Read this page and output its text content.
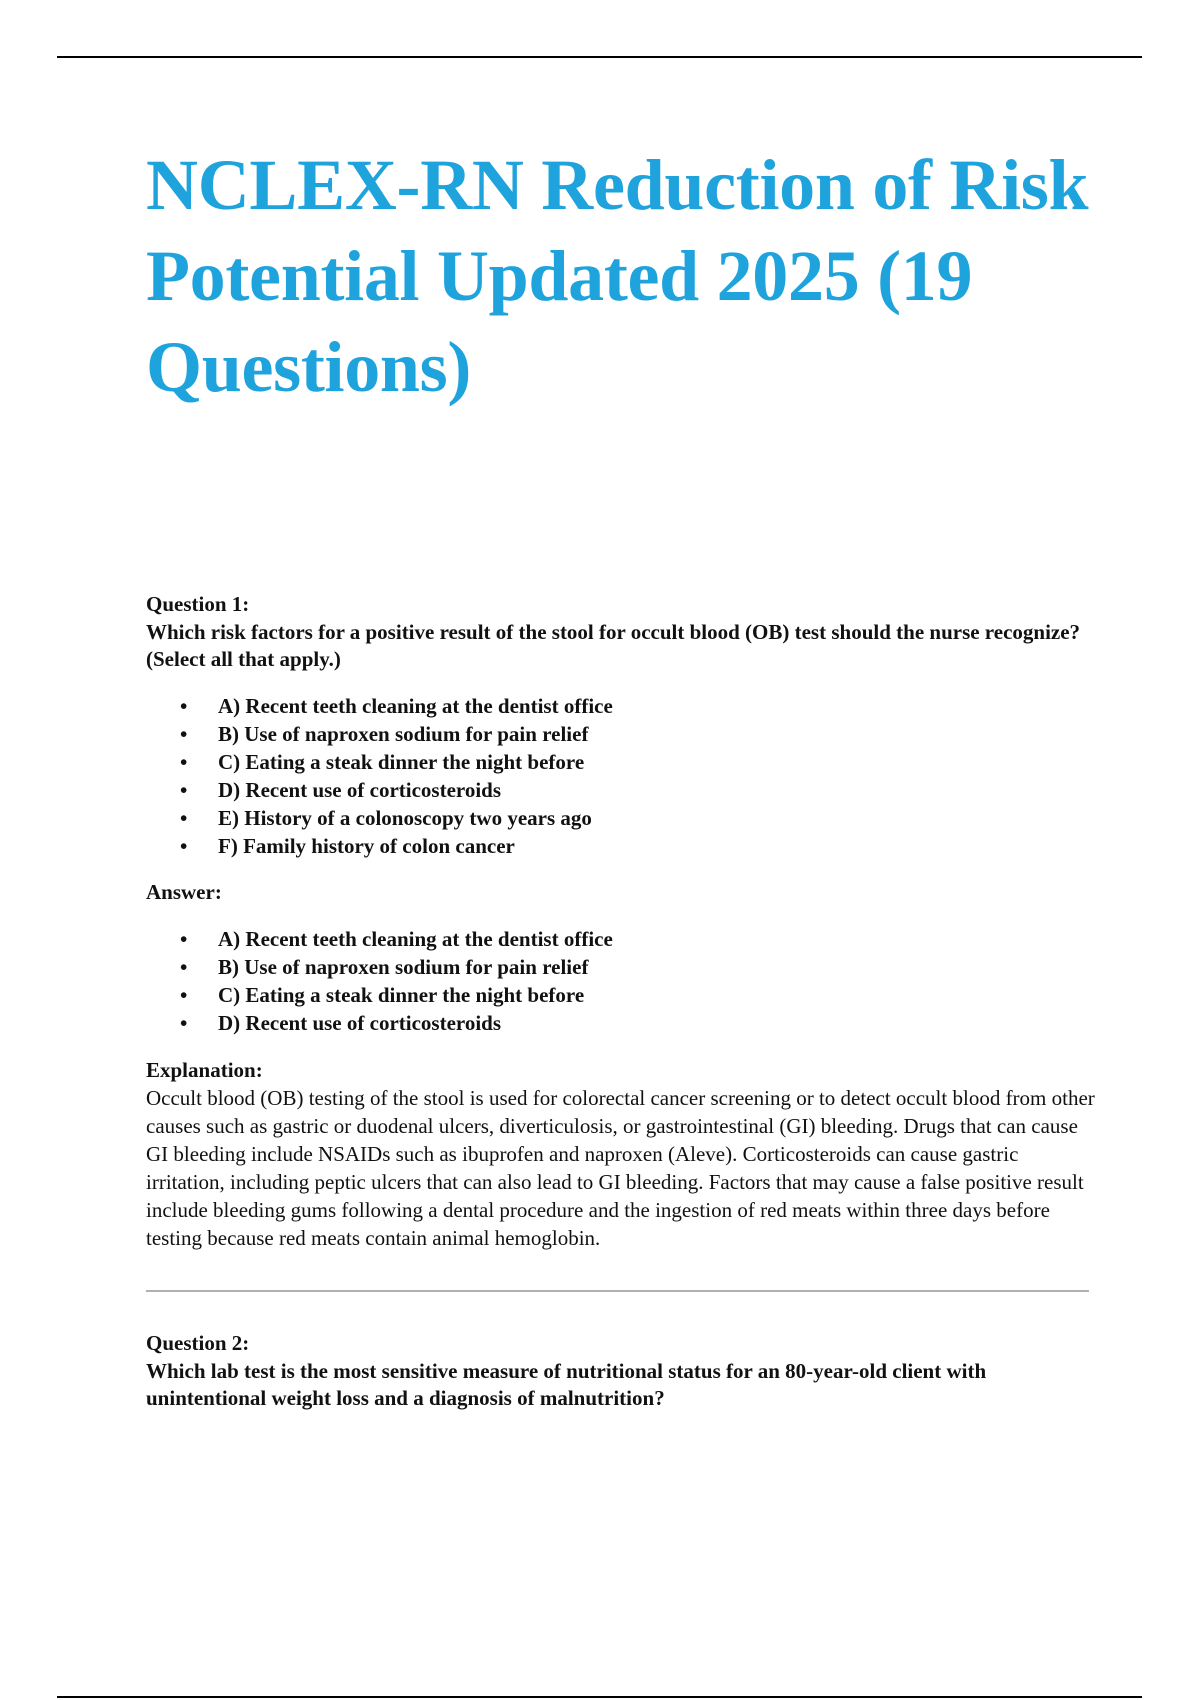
NCLEX-RN Reduction of Risk Potential Updated 2025 (19 Questions)

Question 1:

Which risk factors for a positive result of the stool for occult blood (OB) test should the nurse recognize? (Select all that apply.)

• A) Recent teeth cleaning at the dentist office
• B) Use of naproxen sodium for pain relief
• C) Eating a steak dinner the night before
• D) Recent use of corticosteroids
• E) History of a colonoscopy two years ago
• F) Family history of colon cancer

Answer:

• A) Recent teeth cleaning at the dentist office
• B) Use of naproxen sodium for pain relief
• C) Eating a steak dinner the night before
• D) Recent use of corticosteroids

Explanation:

Occult blood (OB) testing of the stool is used for colorectal cancer screening or to detect occult blood from other causes such as gastric or duodenal ulcers, diverticulosis, or gastrointestinal (GI) bleeding. Drugs that can cause GI bleeding include NSAIDs such as ibuprofen and naproxen (Aleve). Corticosteroids can cause gastric irritation, including peptic ulcers that can also lead to GI bleeding. Factors that may cause a false positive result include bleeding gums following a dental procedure and the ingestion of red meats within three days before testing because red meats contain animal hemoglobin.

Question 2:

Which lab test is the most sensitive measure of nutritional status for an 80-year-old client with unintentional weight loss and a diagnosis of malnutrition?
